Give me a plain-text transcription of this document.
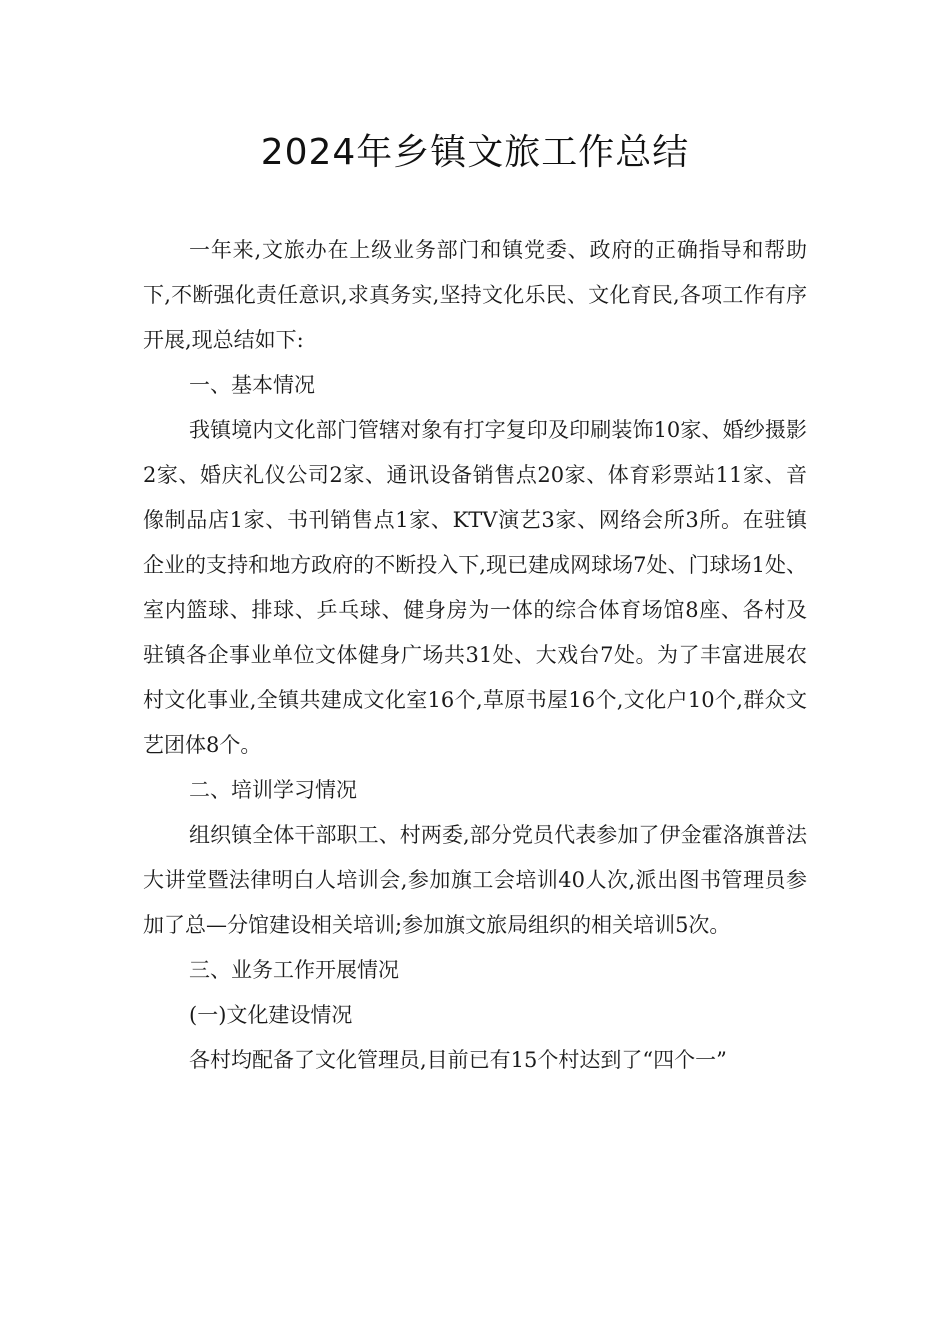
2024年乡镇文旅工作总结

一年来,文旅办在上级业务部门和镇党委、政府的正确指导和帮助下,不断强化责任意识,求真务实,坚持文化乐民、文化育民,各项工作有序开展,现总结如下:

一、基本情况

我镇境内文化部门管辖对象有打字复印及印刷装饰10家、婚纱摄影2家、婚庆礼仪公司2家、通讯设备销售点20家、体育彩票站11家、音像制品店1家、书刊销售点1家、KTV演艺3家、网络会所3所。在驻镇企业的支持和地方政府的不断投入下,现已建成网球场7处、门球场1处、室内篮球、排球、乒乓球、健身房为一体的综合体育场馆8座、各村及驻镇各企事业单位文体健身广场共31处、大戏台7处。为了丰富进展农村文化事业,全镇共建成文化室16个,草原书屋16个,文化户10个,群众文艺团体8个。

二、培训学习情况

组织镇全体干部职工、村两委,部分党员代表参加了伊金霍洛旗普法大讲堂暨法律明白人培训会,参加旗工会培训40人次,派出图书管理员参加了总—分馆建设相关培训;参加旗文旅局组织的相关培训5次。

三、业务工作开展情况

(一)文化建设情况

各村均配备了文化管理员,目前已有15个村达到了“四个一”
